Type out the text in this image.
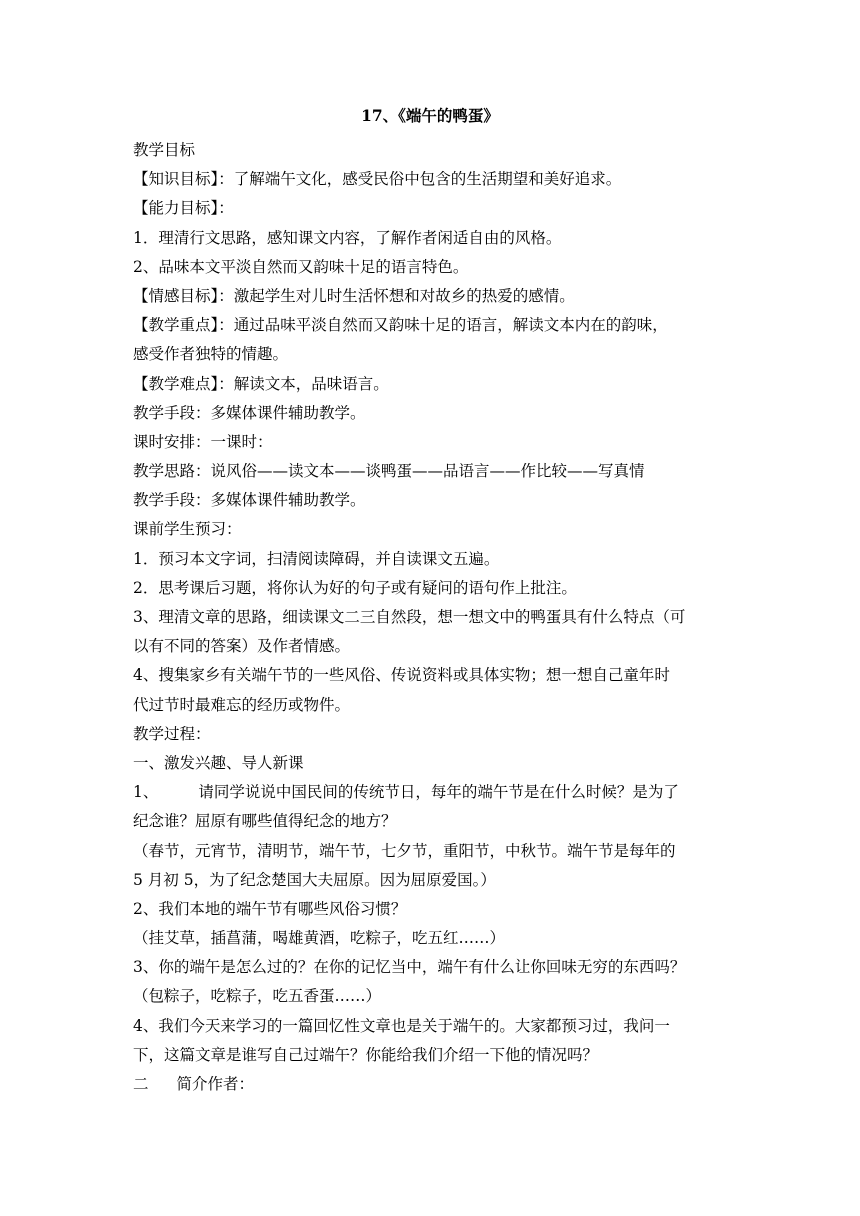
17、《端午的鸭蛋》
教学目标
【知识目标】：了解端午文化，感受民俗中包含的生活期望和美好追求。
【能力目标】：
1．理清行文思路，感知课文内容，了解作者闲适自由的风格。
2、品味本文平淡自然而又韵味十足的语言特色。
【情感目标】：激起学生对儿时生活怀想和对故乡的热爱的感情。
【教学重点】：通过品味平淡自然而又韵味十足的语言，解读文本内在的韵味，
感受作者独特的情趣。
【教学难点】：解读文本，品味语言。
教学手段：多媒体课件辅助教学。
课时安排：一课时：
教学思路：说风俗——读文本——谈鸭蛋——品语言——作比较——写真情
教学手段：多媒体课件辅助教学。
课前学生预习：
1．预习本文字词，扫清阅读障碍，并自读课文五遍。
2．思考课后习题，将你认为好的句子或有疑问的语句作上批注。
3、理清文章的思路，细读课文二三自然段，想一想文中的鸭蛋具有什么特点（可
以有不同的答案）及作者情感。
4、搜集家乡有关端午节的一些风俗、传说资料或具体实物；想一想自己童年时
代过节时最难忘的经历或物件。
教学过程：
一、激发兴趣、导人新课
1、	请同学说说中国民间的传统节日，每年的端午节是在什么时候？是为了
纪念谁？屈原有哪些值得纪念的地方？
（春节，元宵节，清明节，端午节，七夕节，重阳节，中秋节。端午节是每年的
5 月初 5，为了纪念楚国大夫屈原。因为屈原爱国。）
2、我们本地的端午节有哪些风俗习惯？
（挂艾草，插菖蒲，喝雄黄酒，吃粽子，吃五红……）
3、你的端午是怎么过的？在你的记忆当中，端午有什么让你回味无穷的东西吗？
（包粽子，吃粽子，吃五香蛋……）
4、我们今天来学习的一篇回忆性文章也是关于端午的。大家都预习过，我问一
下，这篇文章是谁写自己过端午？你能给我们介绍一下他的情况吗？
二 简介作者：
